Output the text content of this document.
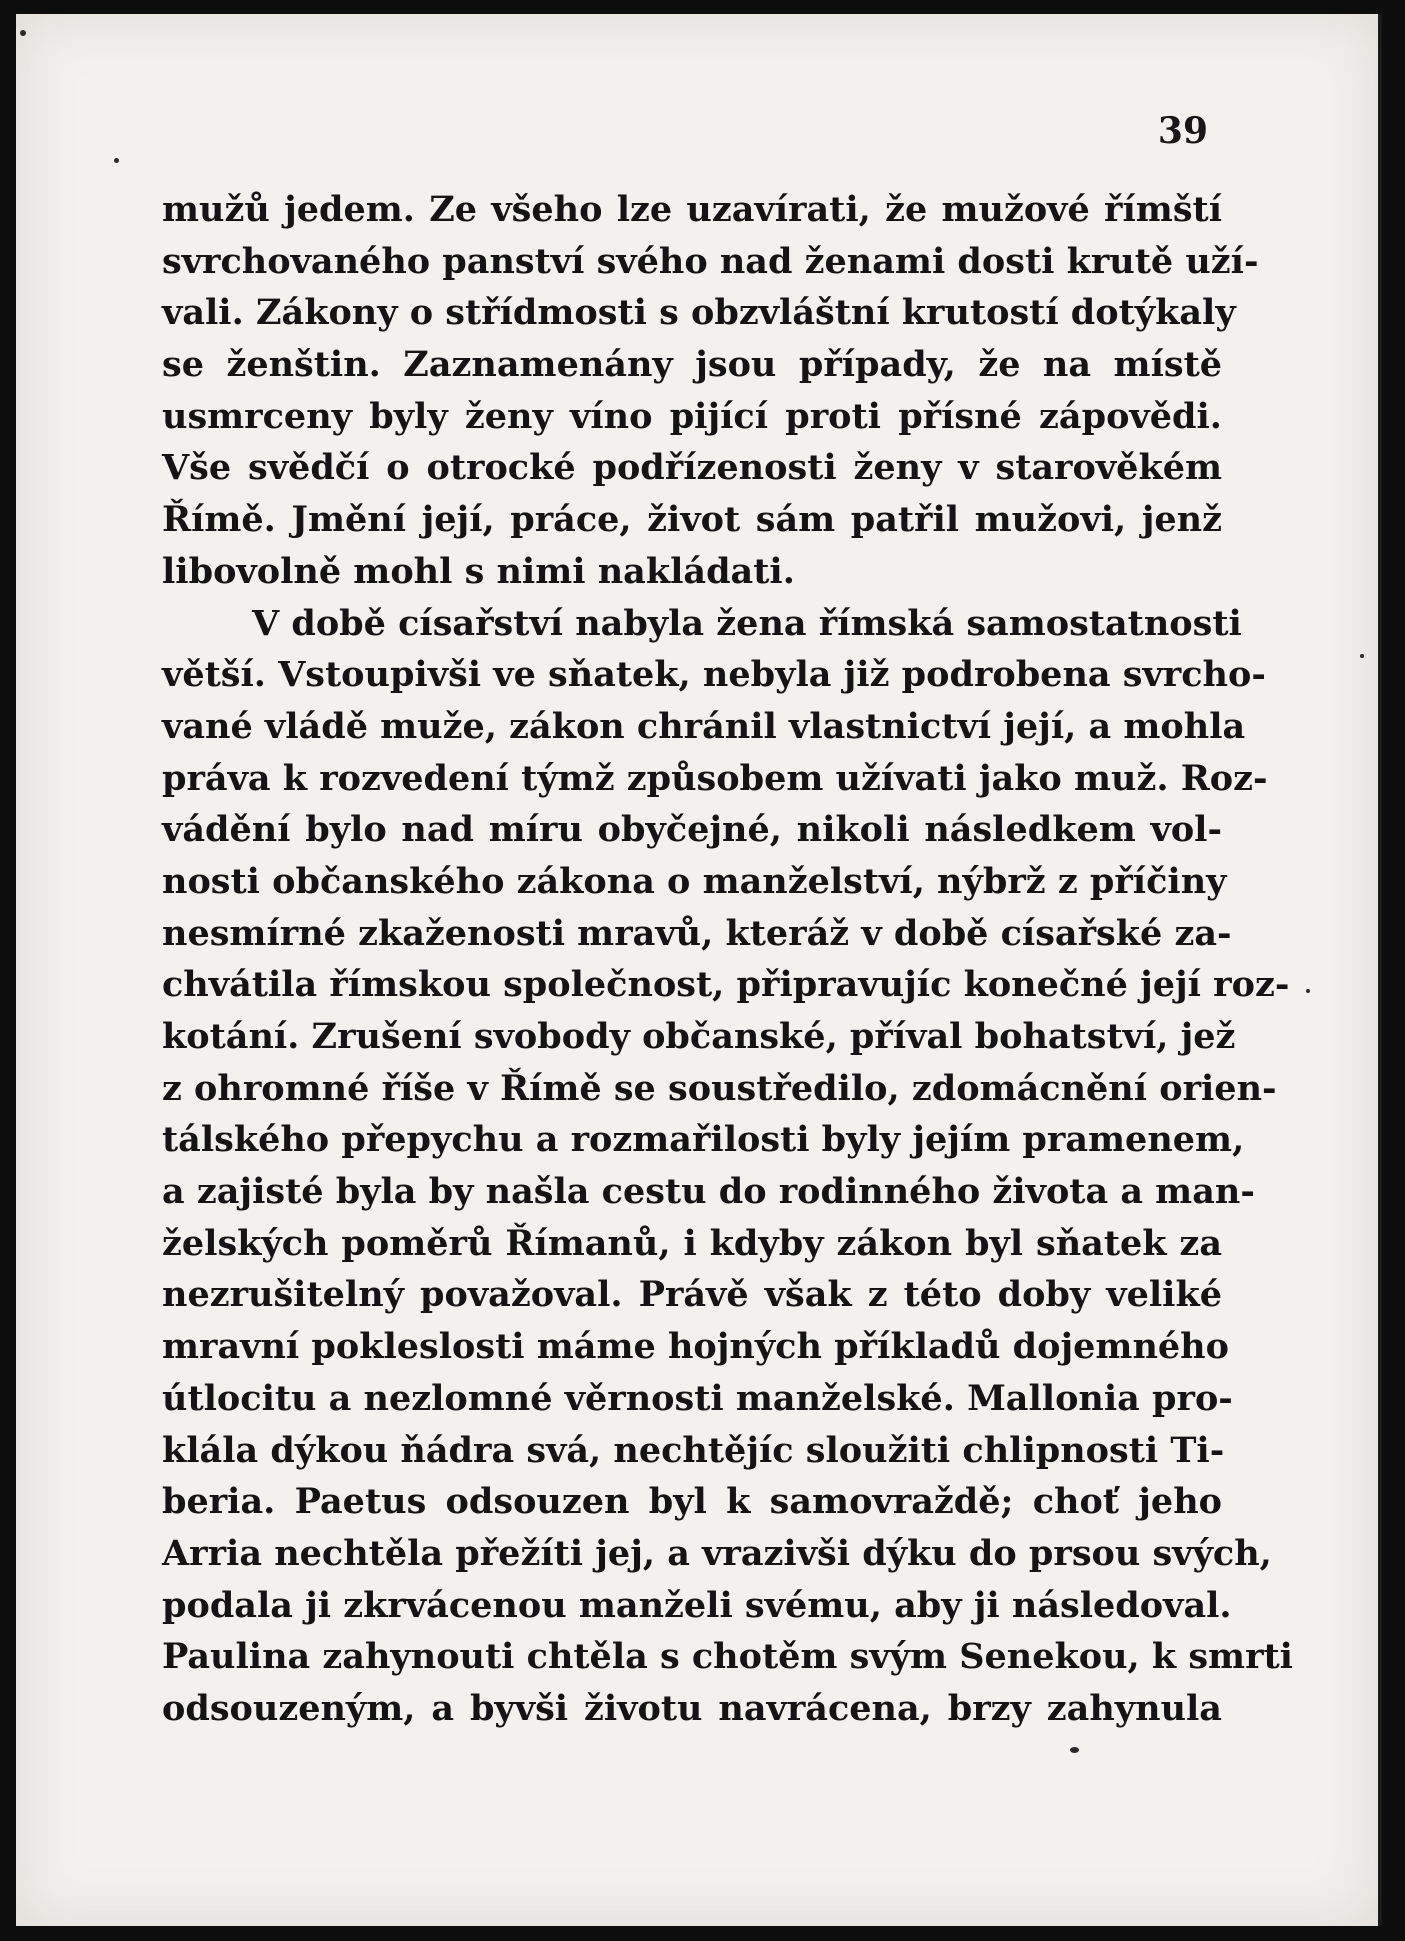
39
mužů jedem. Ze všeho lze uzavírati, že mužové římští
svrchovaného panství svého nad ženami dosti krutě uží-
vali. Zákony o střídmosti s obzvláštní krutostí dotýkaly
se ženštin. Zaznamenány jsou případy, že na místě
usmrceny byly ženy víno pijící proti přísné zápovědi.
Vše svědčí o otrocké podřízenosti ženy v starověkém
Římě. Jmění její, práce, život sám patřil mužovi, jenž
libovolně mohl s nimi nakládati.
V době císařství nabyla žena římská samostatnosti
větší. Vstoupivši ve sňatek, nebyla již podrobena svrcho-
vané vládě muže, zákon chránil vlastnictví její, a mohla
práva k rozvedení týmž způsobem užívati jako muž. Roz-
vádění bylo nad míru obyčejné, nikoli následkem vol-
nosti občanského zákona o manželství, nýbrž z příčiny
nesmírné zkaženosti mravů, kteráž v době císařské za-
chvátila římskou společnost, připravujíc konečné její roz-
kotání. Zrušení svobody občanské, příval bohatství, jež
z ohromné říše v Římě se soustředilo, zdomácnění orien-
tálského přepychu a rozmařilosti byly jejím pramenem,
a zajisté byla by našla cestu do rodinného života a man-
želských poměrů Římanů, i kdyby zákon byl sňatek za
nezrušitelný považoval. Právě však z této doby veliké
mravní pokleslosti máme hojných příkladů dojemného
útlocitu a nezlomné věrnosti manželské. Mallonia pro-
klála dýkou ňádra svá, nechtějíc sloužiti chlipnosti Ti-
beria. Paetus odsouzen byl k samovraždě; choť jeho
Arria nechtěla přežíti jej, a vrazivši dýku do prsou svých,
podala ji zkrvácenou manželi svému, aby ji následoval.
Paulina zahynouti chtěla s chotěm svým Senekou, k smrti
odsouzeným, a byvši životu navrácena, brzy zahynula
